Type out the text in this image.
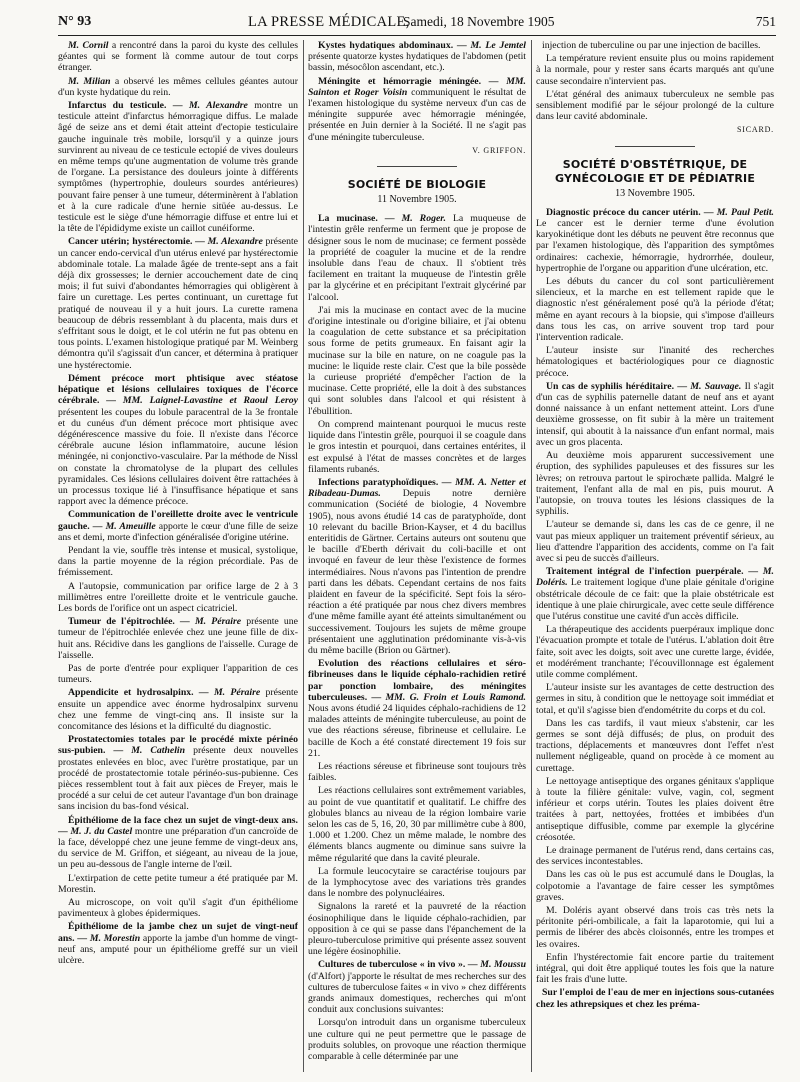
N° 93	LA PRESSE MÉDICALE,
Samedi, 18 Novembre 1905	751

M. Cornil a rencontré dans la paroi du kyste des cellules géantes qui se forment là comme autour de tout corps étranger.

M. Milian a observé les mêmes cellules géantes autour d'un kyste hydatique du rein.

Infarctus du testicule. — M. Alexandre montre un testicule atteint d'infarctus hémorragique diffus. Le malade âgé de seize ans et demi était atteint d'ectopie testiculaire gauche inguinale très mobile, lorsqu'il y a quinze jours survinrent au niveau de ce testicule ectopié de vives douleurs en même temps qu'une augmentation de volume très grande de l'organe. La persistance des douleurs jointe à différents symptômes (hypertrophie, douleurs sourdes antérieures) pouvant faire penser à une tumeur, déterminèrent à l'ablation et à la cure radicale d'une hernie sitüée au-dessus. Le testicule est le siège d'une hémorragie diffuse et entre lui et la tête de l'épididyme existe un caillot cunéiforme.

Cancer utérin; hystérectomie. — M. Alexandre présente un cancer endo-cervical d'un utérus enlevé par hystérectomie abdominale totale. La malade âgée de trente-sept ans a fait déjà dix grossesses; le dernier accouchement date de cinq mois; il fut suivi d'abondantes hémorragies qui obligèrent à faire un curettage. Les pertes continuant, un curettage fut pratiqué de nouveau il y a huit jours. La curette ramena beaucoup de débris ressemblant à du placenta, mais durs et s'effritant sous le doigt, et le col utérin ne fut pas obtenu en tous points. L'examen histologique pratiqué par M. Weinberg démontra qu'il s'agissait d'un cancer, et détermina à pratiquer une hystérectomie.

Dément précoce mort phtisique avec stéatose hépatique et lésions cellulaires toxiques de l'écorce cérébrale. — MM. Laignel-Lavastine et Raoul Leroy présentent les coupes du lobule paracentral de la 3e frontale et du cunéus d'un dément précoce mort phtisique avec dégénérescence massive du foie. Il n'existe dans l'écorce cérébrale aucune lésion inflammatoire, aucune lésion méningée, ni conjonctivo-vasculaire. Par la méthode de Nissl on constate la chromatolyse de la plupart des cellules pyramidales. Ces lésions cellulaires doivent être rattachées à un processus toxique lié à l'insuffisance hépatique et sans rapport avec la démence précoce.

Communication de l'oreillette droite avec le ventricule gauche. — M. Ameuille apporte le cœur d'une fille de seize ans et demi, morte d'infection généralisée d'origine utérine.

Pendant la vie, souffle très intense et musical, systolique, dans la partie moyenne de la région précordiale. Pas de frémissement.

A l'autopsie, communication par orifice large de 2 à 3 millimètres entre l'oreillette droite et le ventricule gauche. Les bords de l'orifice ont un aspect cicatriciel.

Tumeur de l'épitrochlée. — M. Péraire présente une tumeur de l'épitrochlée enlevée chez une jeune fille de dix-huit ans. Récidive dans les ganglions de l'aisselle. Curage de l'aisselle.

Pas de porte d'entrée pour expliquer l'apparition de ces tumeurs.

Appendicite et hydrosalpinx. — M. Péraire présente ensuite un appendice avec énorme hydrosalpinx survenu chez une femme de vingt-cinq ans. Il insiste sur la concomitance des lésions et la difficulté du diagnostic.

Prostatectomies totales par le procédé mixte périnéo sus-pubien. — M. Cathelin présente deux nouvelles prostates enlevées en bloc, avec l'urètre prostatique, par un procédé de prostatectomie totale périnéo-sus-pubienne. Ces pièces ressemblent tout à fait aux pièces de Freyer, mais le procédé a sur celui de cet auteur l'avantage d'un bon drainage sans incision du bas-fond vésical.

Épithéliome de la face chez un sujet de vingt-deux ans. — M. J. du Castel montre une préparation d'un cancroïde de la face, développé chez une jeune femme de vingt-deux ans, du service de M. Griffon, et siégeant, au niveau de la joue, un peu au-dessous de l'angle interne de l'œil.

L'extirpation de cette petite tumeur a été pratiquée par M. Morestin.

Au microscope, on voit qu'il s'agit d'un épithéliome pavimenteux à globes épidermiques.

Épithéliome de la jambe chez un sujet de vingt-neuf ans. — M. Morestin apporte la jambe d'un homme de vingt-neuf ans, amputé pour un épithéliome greffé sur un vieil ulcère.

Kystes hydatiques abdominaux. — M. Le Jemtel présente quatorze kystes hydatiques de l'abdomen (petit bassin, mésocôlon ascendant, etc.).

Méningite et hémorragie méningée. — MM. Sainton et Roger Voisin communiquent le résultat de l'examen histologique du système nerveux d'un cas de méningite suppurée avec hémorragie méningée, présentée en Juin dernier à la Société. Il ne s'agit pas d'une méningite tuberculeuse.

V. GRIFFON.
SOCIÉTÉ DE BIOLOGIE
11 Novembre 1905.

La mucinase. — M. Roger. La muqueuse de l'intestin grêle renferme un ferment que je propose de désigner sous le nom de mucinase; ce ferment possède la propriété de coaguler la mucine et de la rendre insoluble dans l'eau de chaux. Il s'obtient très facilement en traitant la muqueuse de l'intestin grêle par la glycérine et en précipitant l'extrait glycériné par l'alcool.

J'ai mis la mucinase en contact avec de la mucine d'origine intestinale ou d'origine biliaire, et j'ai obtenu la coagulation de cette substance et sa précipitation sous forme de petits grumeaux. En faisant agir la mucinase sur la bile en nature, on ne coagule pas la mucine: le liquide reste clair. C'est que la bile possède la curieuse propriété d'empêcher l'action de la mucinase. Cette propriété, elle la doit à des substances qui sont solubles dans l'alcool et qui résistent à l'ébullition.

On comprend maintenant pourquoi le mucus reste liquide dans l'intestin grêle, pourquoi il se coagule dans le gros intestin et pourquoi, dans certaines entérites, il est expulsé à l'état de masses concrètes et de larges filaments rubanés.

Infections paratyphoïdiques. — MM. A. Netter et Ribadeau-Dumas. Depuis notre dernière communication (Société de biologie, 4 Novembre 1905), nous avons étudié 14 cas de paratyphoïde, dont 10 relevant du bacille Brion-Kayser, et 4 du bacillus enteritidis de Gärtner. Certains auteurs ont soutenu que le bacille d'Eberth dérivait du coli-bacille et ont invoqué en faveur de leur thèse l'existence de formes intermédiaires. Nous n'avons pas l'intention de prendre parti dans les débats. Cependant certains de nos faits plaident en faveur de la spécificité. Sept fois la séro-réaction a été pratiquée par nous chez divers membres d'une même famille ayant été atteints simultanément ou successivement. Toujours les sujets de même groupe présentaient une agglutination prédominante vis-à-vis du même bacille (Brion ou Gärtner).

Evolution des réactions cellulaires et séro-fibrineuses dans le liquide céphalo-rachidien retiré par ponction lombaire, des méningites tuberculeuses. — MM. G. Froin et Louis Ramond. Nous avons étudié 24 liquides céphalo-rachidiens de 12 malades atteints de méningite tuberculeuse, au point de vue des réactions séreuse, fibrineuse et cellulaire. Le bacille de Koch a été constaté directement 19 fois sur 21.

Les réactions séreuse et fibrineuse sont toujours très faibles.

Les réactions cellulaires sont extrêmement variables, au point de vue quantitatif et qualitatif. Le chiffre des globules blancs au niveau de la région lombaire varie selon les cas de 5, 16, 20, 30 par millimètre cube à 800, 1.000 et 1.200. Chez un même malade, le nombre des éléments blancs augmente ou diminue sans suivre la même régularité que dans la cavité pleurale.

La formule leucocytaire se caractérise toujours par de la lymphocytose avec des variations très grandes dans le nombre des polynucléaires.

Signalons la rareté et la pauvreté de la réaction éosinophilique dans le liquide céphalo-rachidien, par opposition à ce qui se passe dans l'épanchement de la pleuro-tuberculose primitive qui présente assez souvent une légère éosinophilie.

Cultures de tuberculose « in vivo ». — M. Moussu (d'Alfort) j'apporte le résultat de mes recherches sur des cultures de tuberculose faites « in vivo » chez différents grands animaux domestiques, recherches qui m'ont conduit aux conclusions suivantes:

Lorsqu'on introduit dans un organisme tuberculeux une culture qui ne peut permettre que le passage de produits solubles, on provoque une réaction thermique comparable à celle déterminée par une

injection de tuberculine ou par une injection de bacilles.

La température revient ensuite plus ou moins rapidement à la normale, pour y rester sans écarts marqués ant qu'une cause secondaire n'intervient pas.

L'état général des animaux tuberculeux ne semble pas sensiblement modifié par le séjour prolongé de la culture dans leur cavité abdominale.

SICARD.
SOCIÉTÉ D'OBSTÉTRIQUE, DE GYNÉCOLOGIE ET DE PÉDIATRIE
13 Novembre 1905.

Diagnostic précoce du cancer utérin. — M. Paul Petit. Le cancer est le dernier terme d'une évolution karyokinétique dont les débuts ne peuvent être reconnus que par l'examen histologique, dès l'apparition des symptômes ordinaires: cachexie, hémorragie, hydrorrhée, douleur, hypertrophie de l'organe ou apparition d'une ulcération, etc.

Les débuts du cancer du col sont particulièrement silencieux, et la marche en est tellement rapide que le diagnostic n'est généralement posé qu'à la période d'état; même en ayant recours à la biopsie, qui s'impose d'ailleurs dans tous les cas, on arrive souvent trop tard pour l'intervention radicale.

L'auteur insiste sur l'inanité des recherches hématologiques et bactériologiques pour ce diagnostic précoce.

Un cas de syphilis héréditaire. — M. Sauvage. Il s'agit d'un cas de syphilis paternelle datant de neuf ans et ayant donné naissance à un enfant nettement atteint. Lors d'une deuxième grossesse, on fit subir à la mère un traitement intensif, qui aboutit à la naissance d'un enfant normal, mais avec un gros placenta.

Au deuxième mois apparurent successivement une éruption, des syphilides papuleuses et des fissures sur les lèvres; on retrouva partout le spirochæte pallida. Malgré le traitement, l'enfant alla de mal en pis, puis mourut. A l'autopsie, on trouva toutes les lésions classiques de la syphilis.

L'auteur se demande si, dans les cas de ce genre, il ne vaut pas mieux appliquer un traitement préventif sérieux, au lieu d'attendre l'apparition des accidents, comme on l'a fait avec si peu de succès d'ailleurs.

Traitement intégral de l'infection puerpérale. — M. Doléris. Le traitement logique d'une plaie génitale d'origine obstétricale découle de ce fait: que la plaie obstétricale est identique à une plaie chirurgicale, avec cette seule différence que l'utérus constitue une cavité d'un accès difficile.

La thérapeutique des accidents puerpéraux implique donc l'évacuation prompte et totale de l'utérus. L'ablation doit être faite, soit avec les doigts, soit avec une curette large, évidée, et modérément tranchante; l'écouvillonnage est également utile comme complément.

L'auteur insiste sur les avantages de cette destruction des germes in situ, à condition que le nettoyage soit immédiat et total, et qu'il s'agisse bien d'endométrite du corps et du col.

Dans les cas tardifs, il vaut mieux s'abstenir, car les germes se sont déjà diffusés; de plus, on produit des tractions, déplacements et manœuvres dont l'effet n'est nullement négligeable, quand on procède à ce moment au curettage.

Le nettoyage antiseptique des organes génitaux s'applique à toute la filière génitale: vulve, vagin, col, segment inférieur et corps utérin. Toutes les plaies doivent être traitées à part, nettoyées, frottées et imbibées d'un antiseptique diffusible, comme par exemple la glycérine créosotée.

Le drainage permanent de l'utérus rend, dans certains cas, des services incontestables.

Dans les cas où le pus est accumulé dans le Douglas, la colpotomie a l'avantage de faire cesser les symptômes graves.

M. Doléris ayant observé dans trois cas très nets la péritonite péri-ombilicale, a fait la laparotomie, qui lui a permis de libérer des abcès cloisonnés, entre les trompes et les ovaires.

Enfin l'hystérectomie fait encore partie du traitement intégral, qui doit être appliqué toutes les fois que la nature fait les frais d'une lutte.

Sur l'emploi de l'eau de mer en injections sous-cutanées chez les athrepsiques et chez les préma-
